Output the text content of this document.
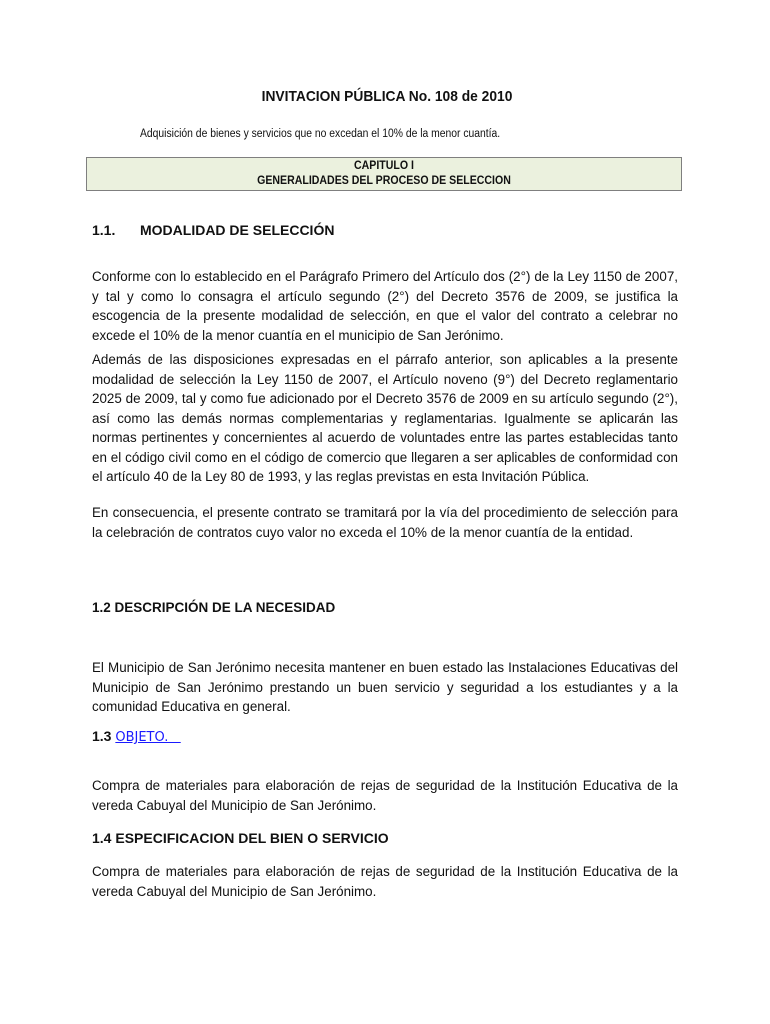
INVITACION PÚBLICA No. 108 de 2010
Adquisición de bienes y servicios que no excedan el 10% de la menor cuantía.
CAPITULO I
GENERALIDADES DEL PROCESO DE SELECCION
1.1. MODALIDAD DE SELECCIÓN
Conforme con lo establecido en el Parágrafo Primero del Artículo dos (2°) de la Ley 1150 de 2007, y tal y como lo consagra el artículo segundo (2°) del Decreto 3576 de 2009, se justifica la escogencia de la presente modalidad de selección, en que el valor del contrato a celebrar no excede el 10% de la menor cuantía en el municipio de San Jerónimo.
Además de las disposiciones expresadas en el párrafo anterior, son aplicables a la presente modalidad de selección la Ley 1150 de 2007, el Artículo noveno (9°) del Decreto reglamentario 2025 de 2009, tal y como fue adicionado por el Decreto 3576 de 2009 en su artículo segundo (2°), así como las demás normas complementarias y reglamentarias. Igualmente se aplicarán las normas pertinentes y concernientes al acuerdo de voluntades entre las partes establecidas tanto en el código civil como en el código de comercio que llegaren a ser aplicables de conformidad con el artículo 40 de la Ley 80 de 1993, y las reglas previstas en esta Invitación Pública.
En consecuencia, el presente contrato se tramitará por la vía del procedimiento de selección para la celebración de contratos cuyo valor no exceda el 10% de la menor cuantía de la entidad.
1.2 DESCRIPCIÓN DE LA NECESIDAD
El Municipio de San Jerónimo necesita mantener en buen estado las Instalaciones Educativas del Municipio de San Jerónimo prestando un buen servicio y seguridad a los estudiantes y a la comunidad Educativa en general.
1.3 OBJETO.
Compra de materiales para elaboración de rejas de seguridad de la Institución Educativa de la vereda Cabuyal del Municipio de San Jerónimo.
1.4 ESPECIFICACION DEL BIEN O SERVICIO
Compra de materiales para elaboración de rejas de seguridad de la Institución Educativa de la vereda Cabuyal del Municipio de San Jerónimo.
